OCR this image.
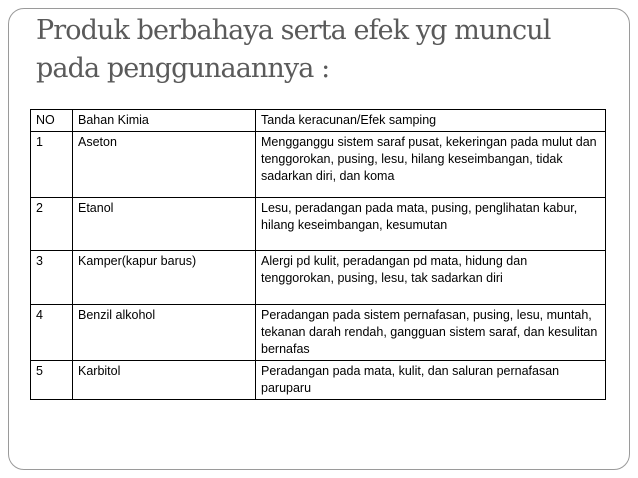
Produk berbahaya serta efek yg muncul pada penggunaannya :
NO	Bahan Kimia	Tanda keracunan/Efek samping
1	Aseton	Mengganggu sistem saraf pusat, kekeringan pada mulut dan tenggorokan, pusing, lesu, hilang keseimbangan, tidak sadarkan diri, dan koma
2	Etanol	Lesu, peradangan pada mata, pusing, penglihatan kabur, hilang keseimbangan, kesumutan
3	Kamper(kapur barus)	Alergi pd kulit, peradangan pd mata, hidung dan tenggorokan, pusing, lesu, tak sadarkan diri
4	Benzil alkohol	Peradangan pada sistem pernafasan, pusing, lesu, muntah, tekanan darah rendah, gangguan sistem saraf, dan kesulitan bernafas
5	Karbitol	Peradangan pada mata, kulit, dan saluran pernafasan paruparu
